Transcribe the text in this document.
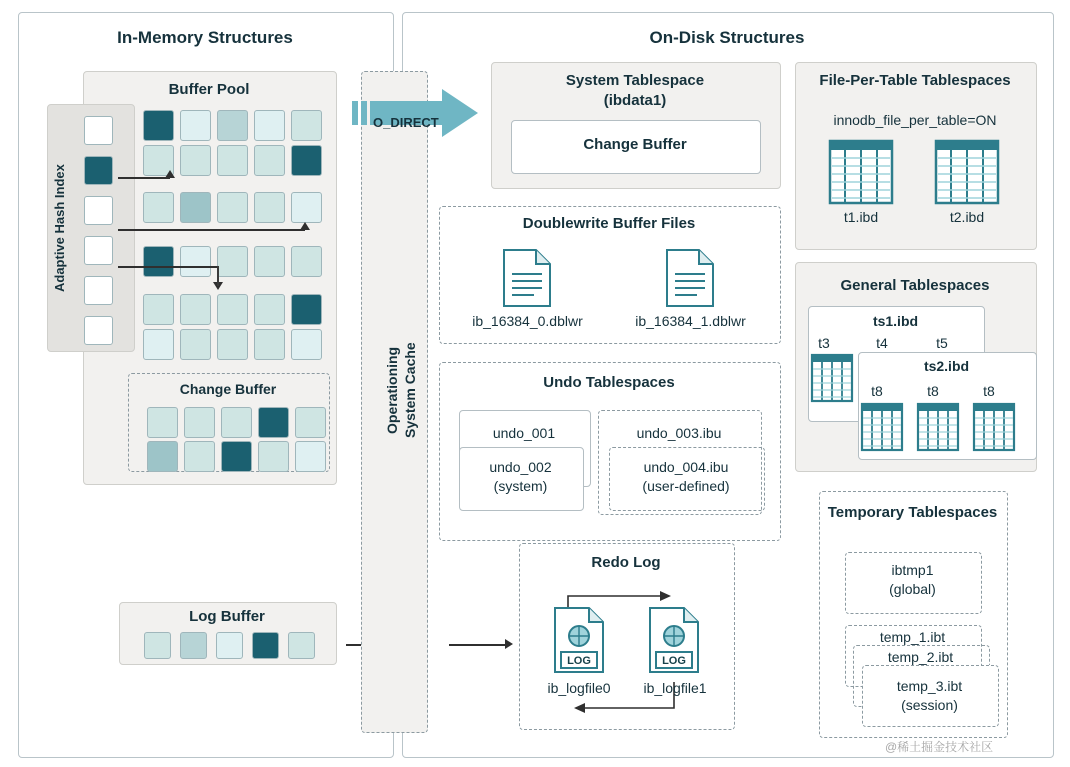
In-Memory Structures	On-Disk Structures
Buffer Pool
Adaptive Hash Index
Change Buffer
Log Buffer
Operationing System Cache
O_DIRECT
System Tablespace
(ibdata1)
Change Buffer
Doublewrite Buffer Files
ib_16384_0.dblwr	ib_16384_1.dblwr
Undo Tablespaces
undo_001
undo_002
(system)
undo_003.ibu
undo_004.ibu
(user-defined)
Redo Log
LOG
ib_logfile0
LOG
ib_logfile1
File-Per-Table Tablespaces
innodb_file_per_table=ON
t1.ibd	t2.ibd
General Tablespaces
ts1.ibd
t3	t4	t5
ts2.ibd
t8	t8	t8
Temporary Tablespaces
ibtmp1
(global)
temp_1.ibt
temp_2.ibt
temp_3.ibt
(session)
@稀土掘金技术社区
